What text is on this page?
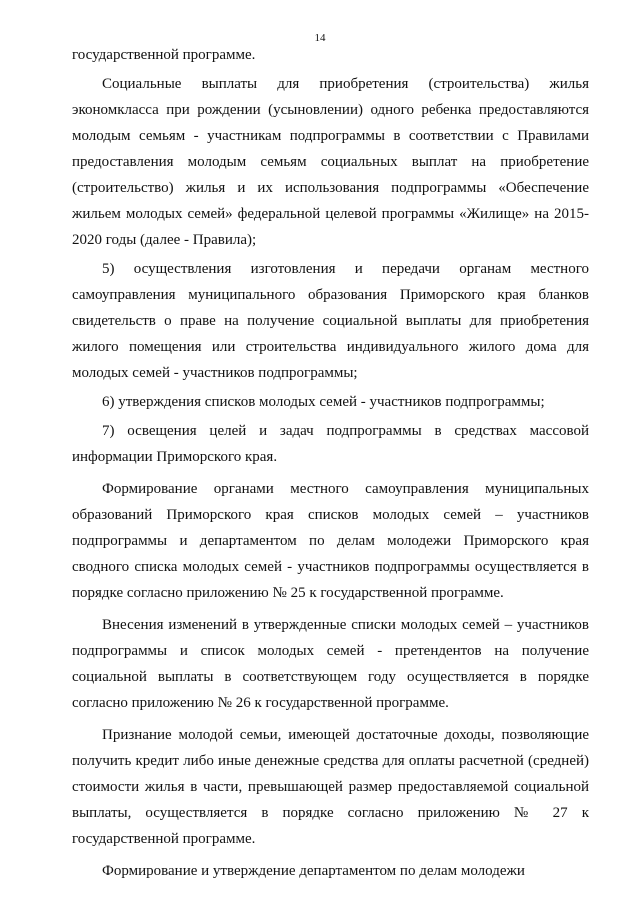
14

государственной программе.

Социальные выплаты для приобретения (строительства) жилья экономкласса при рождении (усыновлении) одного ребенка предоставляются молодым семьям - участникам подпрограммы в соответствии с Правилами предоставления молодым семьям социальных выплат на приобретение (строительство) жилья и их использования подпрограммы «Обеспечение жильем молодых семей» федеральной целевой программы «Жилище» на 2015-2020 годы (далее - Правила);

5) осуществления изготовления и передачи органам местного самоуправления муниципального образования Приморского края бланков свидетельств о праве на получение социальной выплаты для приобретения жилого помещения или строительства индивидуального жилого дома для молодых семей - участников подпрограммы;

6) утверждения списков молодых семей - участников подпрограммы;

7) освещения целей и задач подпрограммы в средствах массовой информации Приморского края.

Формирование органами местного самоуправления муниципальных образований Приморского края списков молодых семей – участников подпрограммы и департаментом по делам молодежи Приморского края сводного списка молодых семей - участников подпрограммы осуществляется в порядке согласно приложению № 25 к государственной программе.

Внесения изменений в утвержденные списки молодых семей – участников подпрограммы и список молодых семей - претендентов на получение социальной выплаты в соответствующем году осуществляется в порядке согласно приложению № 26 к государственной программе.

Признание молодой семьи, имеющей достаточные доходы, позволяющие получить кредит либо иные денежные средства для оплаты расчетной (средней) стоимости жилья в части, превышающей размер предоставляемой социальной выплаты, осуществляется в порядке согласно приложению № 27 к государственной программе.

Формирование и утверждение департаментом по делам молодежи
